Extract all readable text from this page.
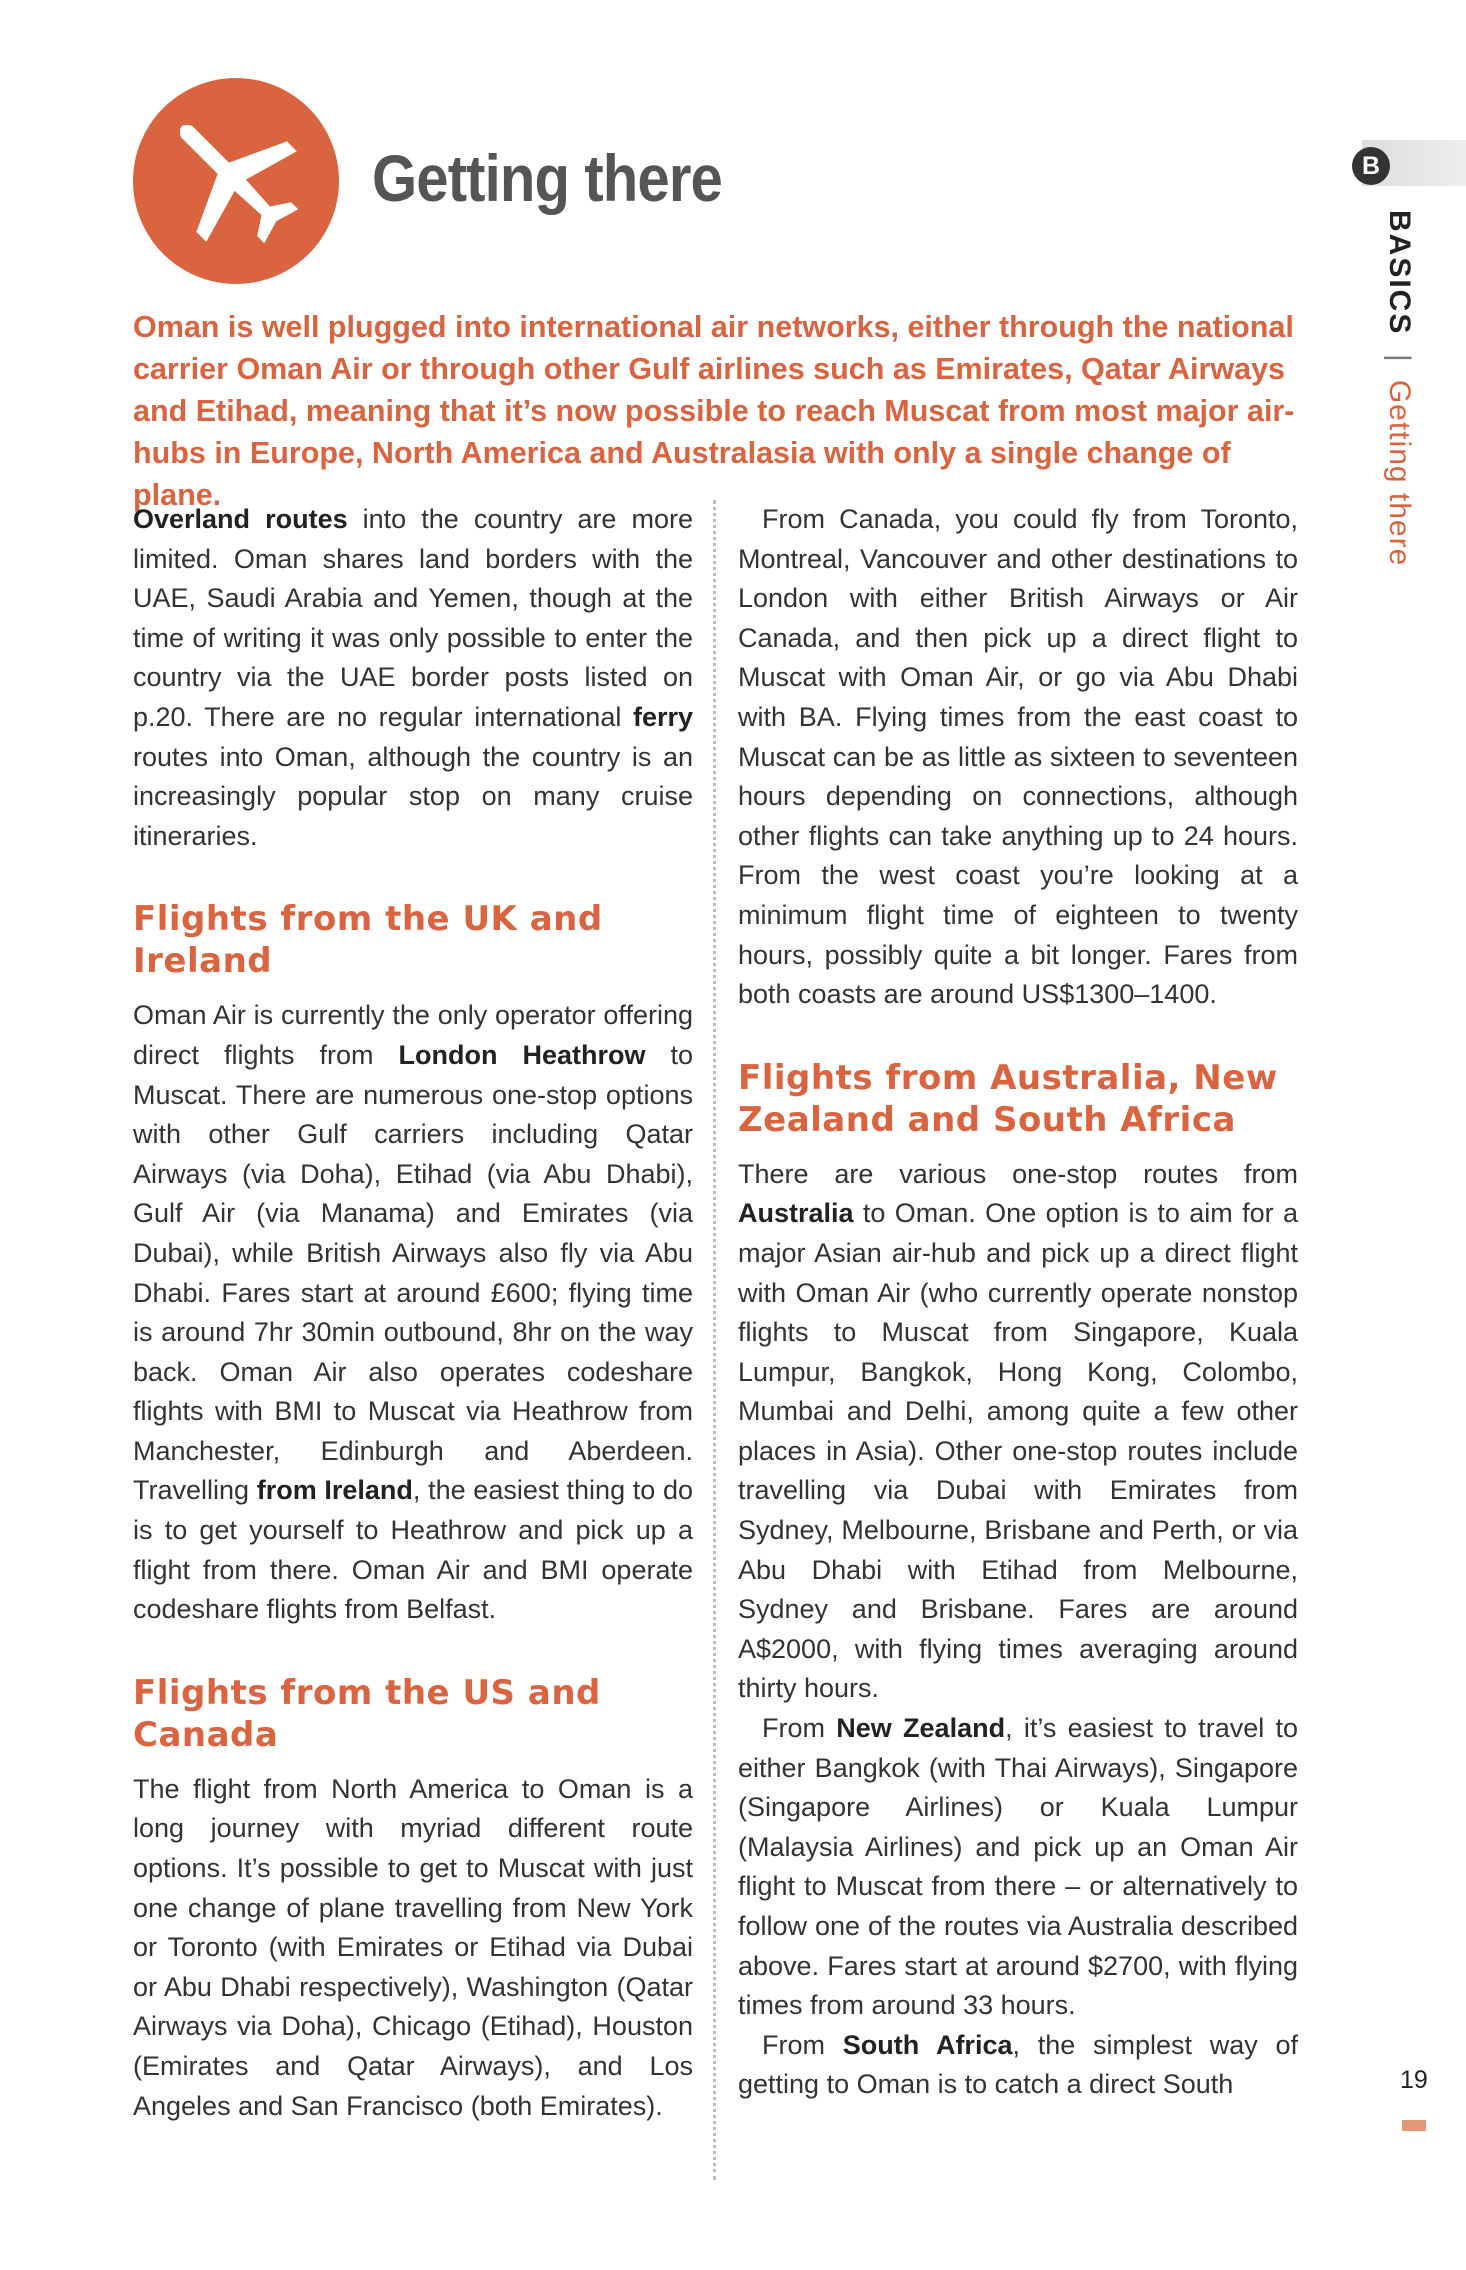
Getting there

Oman is well plugged into international air networks, either through the national carrier Oman Air or through other Gulf airlines such as Emirates, Qatar Airways and Etihad, meaning that it’s now possible to reach Muscat from most major air-hubs in Europe, North America and Australasia with only a single change of plane.

Overland routes into the country are more limited. Oman shares land borders with the UAE, Saudi Arabia and Yemen, though at the time of writing it was only possible to enter the country via the UAE border posts listed on p.20. There are no regular international ferry routes into Oman, although the country is an increasingly popular stop on many cruise itineraries.

Flights from the UK and Ireland

Oman Air is currently the only operator offering direct flights from London Heathrow to Muscat. There are numerous one-stop options with other Gulf carriers including Qatar Airways (via Doha), Etihad (via Abu Dhabi), Gulf Air (via Manama) and Emirates (via Dubai), while British Airways also fly via Abu Dhabi. Fares start at around £600; flying time is around 7hr 30min outbound, 8hr on the way back. Oman Air also operates codeshare flights with BMI to Muscat via Heathrow from Manchester, Edinburgh and Aberdeen. Travelling from Ireland, the easiest thing to do is to get yourself to Heathrow and pick up a flight from there. Oman Air and BMI operate codeshare flights from Belfast.

Flights from the US and Canada

The flight from North America to Oman is a long journey with myriad different route options. It’s possible to get to Muscat with just one change of plane travelling from New York or Toronto (with Emirates or Etihad via Dubai or Abu Dhabi respectively), Washington (Qatar Airways via Doha), Chicago (Etihad), Houston (Emirates and Qatar Airways), and Los Angeles and San Francisco (both Emirates).

From Canada, you could fly from Toronto, Montreal, Vancouver and other destinations to London with either British Airways or Air Canada, and then pick up a direct flight to Muscat with Oman Air, or go via Abu Dhabi with BA. Flying times from the east coast to Muscat can be as little as sixteen to seventeen hours depending on connections, although other flights can take anything up to 24 hours. From the west coast you’re looking at a minimum flight time of eighteen to twenty hours, possibly quite a bit longer. Fares from both coasts are around US$1300–1400.

Flights from Australia, New Zealand and South Africa

There are various one-stop routes from Australia to Oman. One option is to aim for a major Asian air-hub and pick up a direct flight with Oman Air (who currently operate nonstop flights to Muscat from Singapore, Kuala Lumpur, Bangkok, Hong Kong, Colombo, Mumbai and Delhi, among quite a few other places in Asia). Other one-stop routes include travelling via Dubai with Emirates from Sydney, Melbourne, Brisbane and Perth, or via Abu Dhabi with Etihad from Melbourne, Sydney and Brisbane. Fares are around A$2000, with flying times averaging around thirty hours.

From New Zealand, it’s easiest to travel to either Bangkok (with Thai Airways), Singapore (Singapore Airlines) or Kuala Lumpur (Malaysia Airlines) and pick up an Oman Air flight to Muscat from there – or alternatively to follow one of the routes via Australia described above. Fares start at around $2700, with flying times from around 33 hours.

From South Africa, the simplest way of getting to Oman is to catch a direct South

B
BASICS | Getting there
19
